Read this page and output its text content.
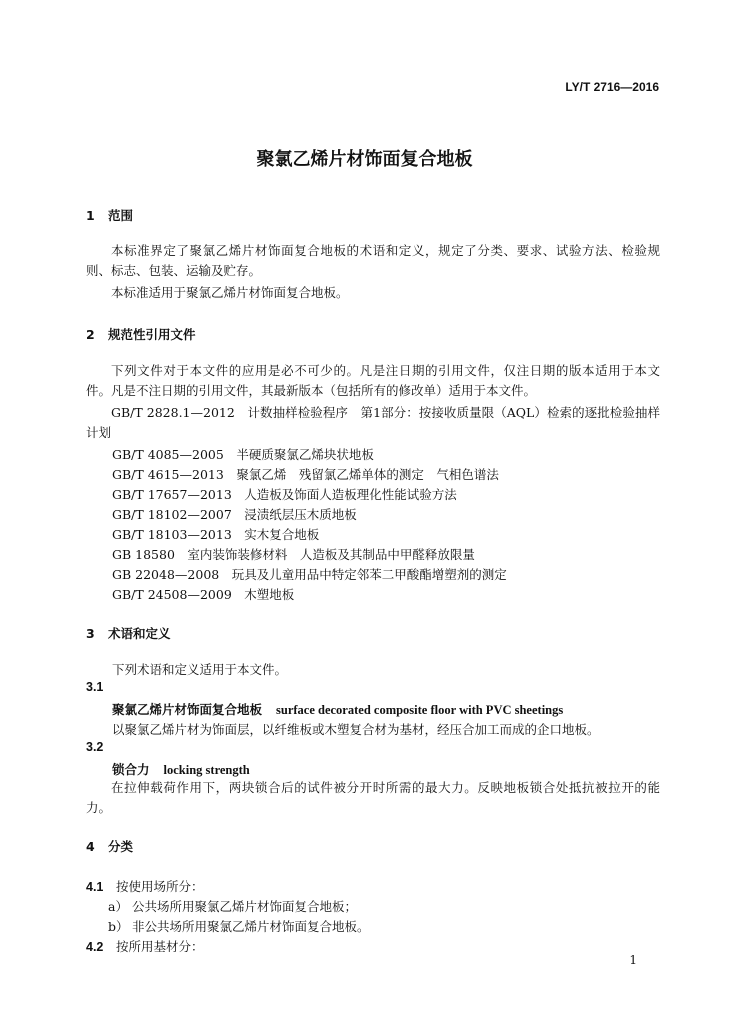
LY/T 2716—2016
聚氯乙烯片材饰面复合地板
1 范围
本标准界定了聚氯乙烯片材饰面复合地板的术语和定义，规定了分类、要求、试验方法、检验规则、标志、包装、运输及贮存。
本标准适用于聚氯乙烯片材饰面复合地板。
2 规范性引用文件
下列文件对于本文件的应用是必不可少的。凡是注日期的引用文件，仅注日期的版本适用于本文件。凡是不注日期的引用文件，其最新版本（包括所有的修改单）适用于本文件。
GB/T 2828.1—2012　计数抽样检验程序　第1部分：按接收质量限（AQL）检索的逐批检验抽样计划
GB/T 4085—2005　半硬质聚氯乙烯块状地板
GB/T 4615—2013　聚氯乙烯　残留氯乙烯单体的测定　气相色谱法
GB/T 17657—2013　人造板及饰面人造板理化性能试验方法
GB/T 18102—2007　浸渍纸层压木质地板
GB/T 18103—2013　实木复合地板
GB 18580　室内装饰装修材料　人造板及其制品中甲醛释放限量
GB 22048—2008　玩具及儿童用品中特定邻苯二甲酸酯增塑剂的测定
GB/T 24508—2009　木塑地板
3 术语和定义
下列术语和定义适用于本文件。
3.1
聚氯乙烯片材饰面复合地板 surface decorated composite floor with PVC sheetings
以聚氯乙烯片材为饰面层，以纤维板或木塑复合材为基材，经压合加工而成的企口地板。
3.2
锁合力 locking strength
在拉伸载荷作用下，两块锁合后的试件被分开时所需的最大力。反映地板锁合处抵抗被拉开的能力。
4 分类
4.1 按使用场所分：
a） 公共场所用聚氯乙烯片材饰面复合地板；
b） 非公共场所用聚氯乙烯片材饰面复合地板。
4.2 按所用基材分：
1
